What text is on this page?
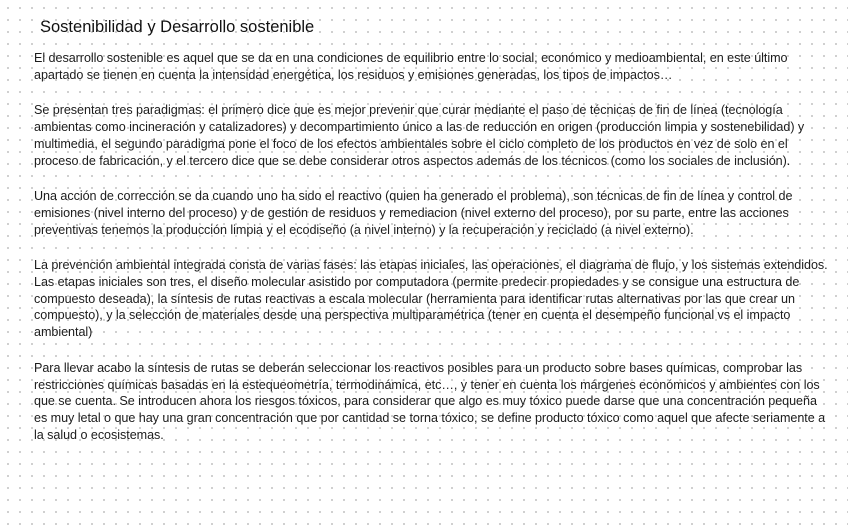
Sostenibilidad y Desarrollo sostenible

El desarrollo sostenible es aquel que se da en una condiciones de equilibrio entre lo social, económico y medioambiental, en este último apartado se tienen en cuenta la intensidad energética, los residuos y emisiones generadas, los tipos de impactos…

Se presentan tres paradigmas: el primero dice que es mejor prevenir que curar mediante el paso de técnicas de fin de línea (tecnología ambientas como incineración y catalizadores) y decompartimiento único a las de reducción en origen (producción limpia y sostenebilidad) y multimedia, el segundo paradigma pone el foco de los efectos ambientales sobre el ciclo completo de los productos en vez de solo en el proceso de fabricación, y el tercero dice que se debe considerar otros aspectos además de los técnicos (como los sociales de inclusión).

Una acción de corrección se da cuando uno ha sido el reactivo (quien ha generado el problema), son técnicas de fin de línea y control de emisiones (nivel interno del proceso) y de gestión de residuos y remediacion (nivel externo del proceso), por su parte, entre las acciones preventivas tenemos la producción limpia y el ecodiseño (a nivel interno) y la recuperación y reciclado (a nivel externo).

La prevención ambiental integrada consta de varias fases: las etapas iniciales, las operaciones, el diagrama de flujo, y los sistemas extendidos. Las etapas iniciales son tres, el diseño molecular asistido por computadora (permite predecir propiedades y se consigue una estructura de compuesto deseada), la síntesis de rutas reactivas a escala molecular (herramienta para identificar rutas alternativas por las que crear un compuesto), y la selección de materiales desde una perspectiva multiparamétrica (tener en cuenta el desempeño funcional vs el impacto ambiental)

Para llevar acabo la síntesis de rutas se deberán seleccionar los reactivos posibles para un producto sobre bases químicas, comprobar las restricciones químicas basadas en la estequeometría, termodinámica, etc…, y tener en cuenta los márgenes económicos y ambientes con los que se cuenta. Se introducen ahora los riesgos tóxicos, para considerar que algo es muy tóxico puede darse que una concentración pequeña es muy letal o que hay una gran concentración que por cantidad se torna tóxico, se define producto tóxico como aquel que afecte seriamente a la salud o ecosistemas.
